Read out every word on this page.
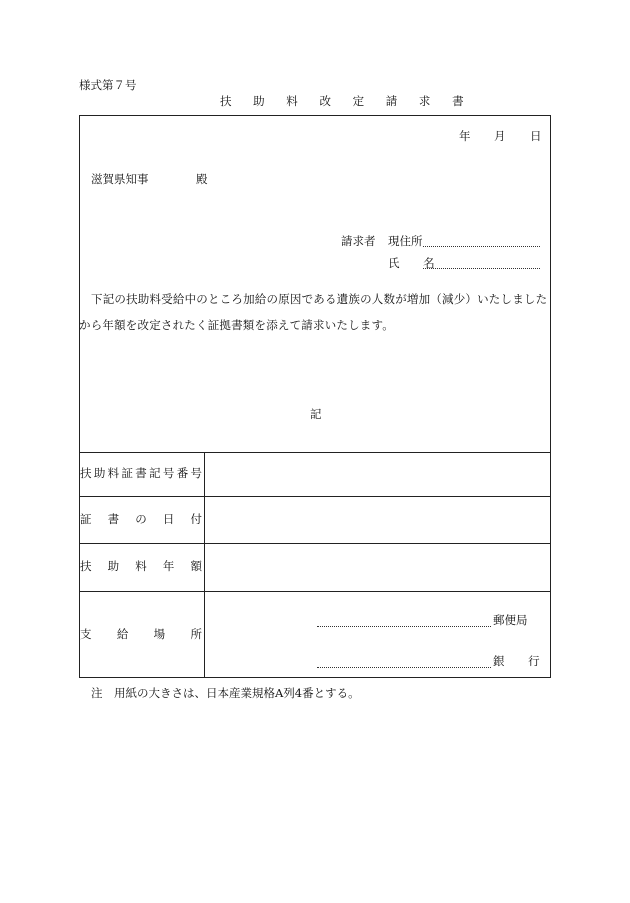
様式第７号
扶 助 料 改 定 請 求 書
年 月 日
滋賀県知事	殿
請求者 現住所
氏 名
下記の扶助料受給中のところ加給の原因である遺族の人数が増加（減少）いたしました
から年額を改定されたく証拠書類を添えて請求いたします。
記
扶 助 料 証 書 記 号 番 号
証 書 の 日 付
扶 助 料 年 額
支 給 場 所
郵便局
銀 行
注　用紙の大きさは、日本産業規格A列4番とする。
